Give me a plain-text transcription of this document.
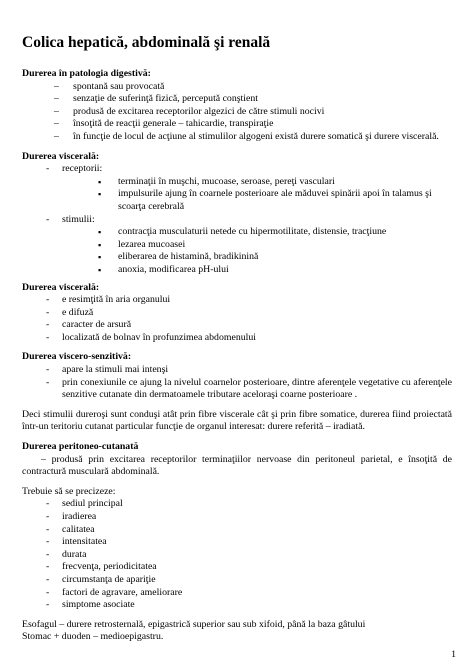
Colica hepatică, abdominală şi renală
Durerea în patologia digestivă:
– spontană sau provocată
– senzaţie de suferinţă fizică, percepută conştient
– produsă de excitarea receptorilor algezici de către stimuli nocivi
– însoţită de reacţii generale – tahicardie, transpiraţie
– în funcţie de locul de acţiune al stimulilor algogeni există durere somatică şi durere viscerală.
Durerea viscerală:
- receptorii:
▪ terminaţii în muşchi, mucoase, seroase, pereţi vasculari
▪ impulsurile ajung în coarnele posterioare ale măduvei spinării apoi în talamus şi scoarţa cerebrală
- stimulii:
▪ contracţia musculaturii netede cu hipermotilitate, distensie, tracţiune
▪ lezarea mucoasei
▪ eliberarea de histamină, bradikinină
▪ anoxia, modificarea pH-ului
Durerea viscerală:
- e resimţită în aria organului
- e difuză
- caracter de arsură
- localizată de bolnav în profunzimea abdomenului
Durerea viscero-senzitivă:
- apare la stimuli mai intenşi
- prin conexiunile ce ajung la nivelul coarnelor posterioare, dintre aferenţele vegetative cu aferenţele senzitive cutanate din dermatoamele tributare aceloraşi coarne posterioare .
Deci stimulii dureroşi sunt conduşi atât prin fibre viscerale cât şi prin fibre somatice, durerea fiind proiectată într-un teritoriu cutanat particular funcţie de organul interesat: durere referită – iradiată.
Durerea peritoneo-cutanată
– produsă prin excitarea receptorilor terminaţiilor nervoase din peritoneul parietal, e însoţită de contractură musculară abdominală.
Trebuie să se precizeze:
- sediul principal
- iradierea
- calitatea
- intensitatea
- durata
- frecvenţa, periodicitatea
- circumstanţa de apariţie
- factori de agravare, ameliorare
- simptome asociate
Esofagul – durere retrosternală, epigastrică superior sau sub xifoid, până la baza gâtului
Stomac + duoden – medioepigastru.
1
